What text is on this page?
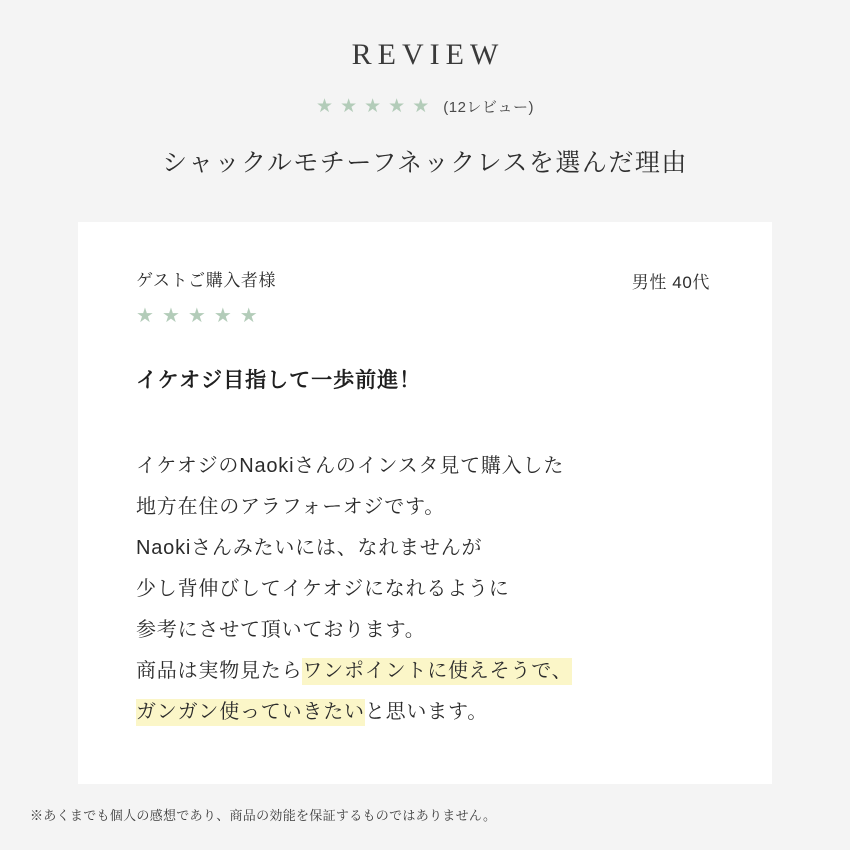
REVIEW
★ ★ ★ ★ ★ (12レビュー)
シャックルモチーフネックレスを選んだ理由
ゲストご購入者様	男性 40代
★ ★ ★ ★ ★
イケオジ目指して一歩前進！
イケオジのNaokiさんのインスタ見て購入した
地方在住のアラフォーオジです。
Naokiさんみたいには、なれませんが
少し背伸びしてイケオジになれるように
参考にさせて頂いております。
商品は実物見たらワンポイントに使えそうで、
ガンガン使っていきたいと思います。
※あくまでも個人の感想であり、商品の効能を保証するものではありません。
